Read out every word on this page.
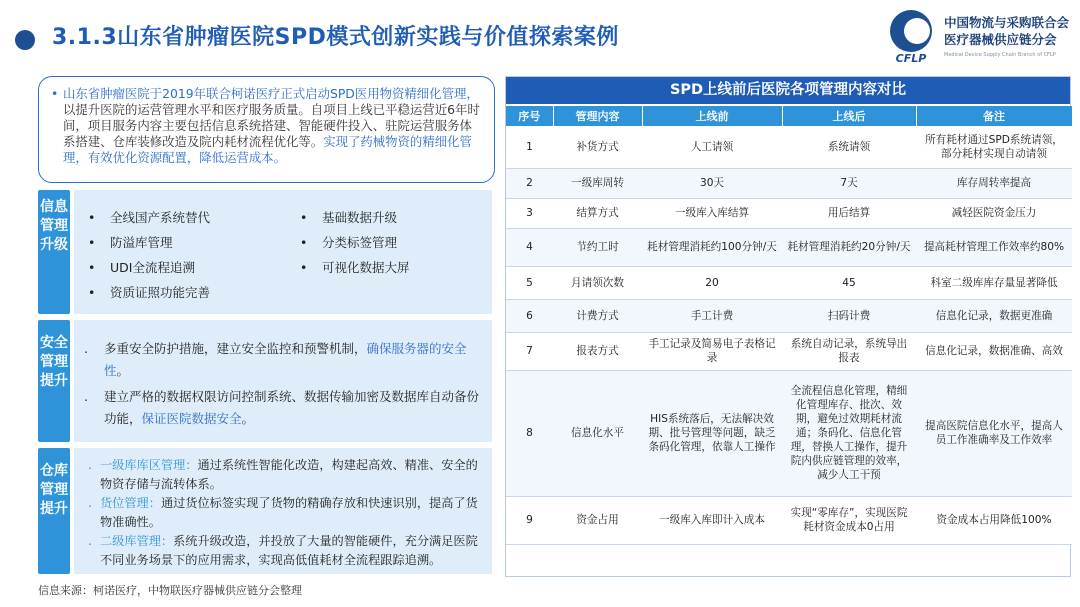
3.1.3山东省肿瘤医院SPD模式创新实践与价值探索案例
CFLP
中国物流与采购联合会
医疗器械供应链分会
Medical Device Supply Chain Branch of CFLP
• 山东省肿瘤医院于2019年联合柯诺医疗正式启动SPD医用物资精细化管理，以提升医院的运营管理水平和医疗服务质量。自项目上线已平稳运营近6年时间，项目服务内容主要包括信息系统搭建、智能硬件投入、驻院运营服务体系搭建、仓库装修改造及院内耗材流程优化等。实现了药械物资的精细化管理，有效优化资源配置，降低运营成本。

信息管理升级
• 全线国产系统替代
• 防溢库管理
• UDI全流程追溯
• 资质证照功能完善
• 基础数据升级
• 分类标签管理
• 可视化数据大屏
安全管理提升
. 多重安全防护措施，建立安全监控和预警机制，确保服务器的安全性。
. 建立严格的数据权限访问控制系统、数据传输加密及数据库自动备份功能，保证医院数据安全。
仓库管理提升
. 一级库库区管理：通过系统性智能化改造，构建起高效、精准、安全的物资存储与流转体系。
. 货位管理：通过货位标签实现了货物的精确存放和快速识别，提高了货物准确性。
. 二级库管理：系统升级改造，并投放了大量的智能硬件，充分满足医院不同业务场景下的应用需求，实现高低值耗材全流程跟踪追溯。
信息来源：柯诺医疗，中物联医疗器械供应链分会整理
SPD上线前后医院各项管理内容对比
序号	管理内容	上线前	上线后	备注
1	补货方式	人工请领	系统请领	所有耗材通过SPD系统请领，部分耗材实现自动请领
2	一级库周转	30天	7天	库存周转率提高
3	结算方式	一级库入库结算	用后结算	减轻医院资金压力
4	节约工时	耗材管理消耗约100分钟/天	耗材管理消耗约20分钟/天	提高耗材管理工作效率约80%
5	月请领次数	20	45	科室二级库库存量显著降低
6	计费方式	手工计费	扫码计费	信息化记录，数据更准确
7	报表方式	手工记录及简易电子表格记录	系统自动记录，系统导出报表	信息化记录，数据准确、高效
8	信息化水平	HIS系统落后，无法解决效期、批号管理等问题，缺乏条码化管理，依靠人工操作	全流程信息化管理，精细化管理库存、批次、效期，避免过效期耗材流通；条码化、信息化管理，替换人工操作，提升院内供应链管理的效率，减少人工干预	提高医院信息化水平，提高人员工作准确率及工作效率
9	资金占用	一级库入库即计入成本	实现“零库存”，实现医院耗材资金成本0占用	资金成本占用降低100%
